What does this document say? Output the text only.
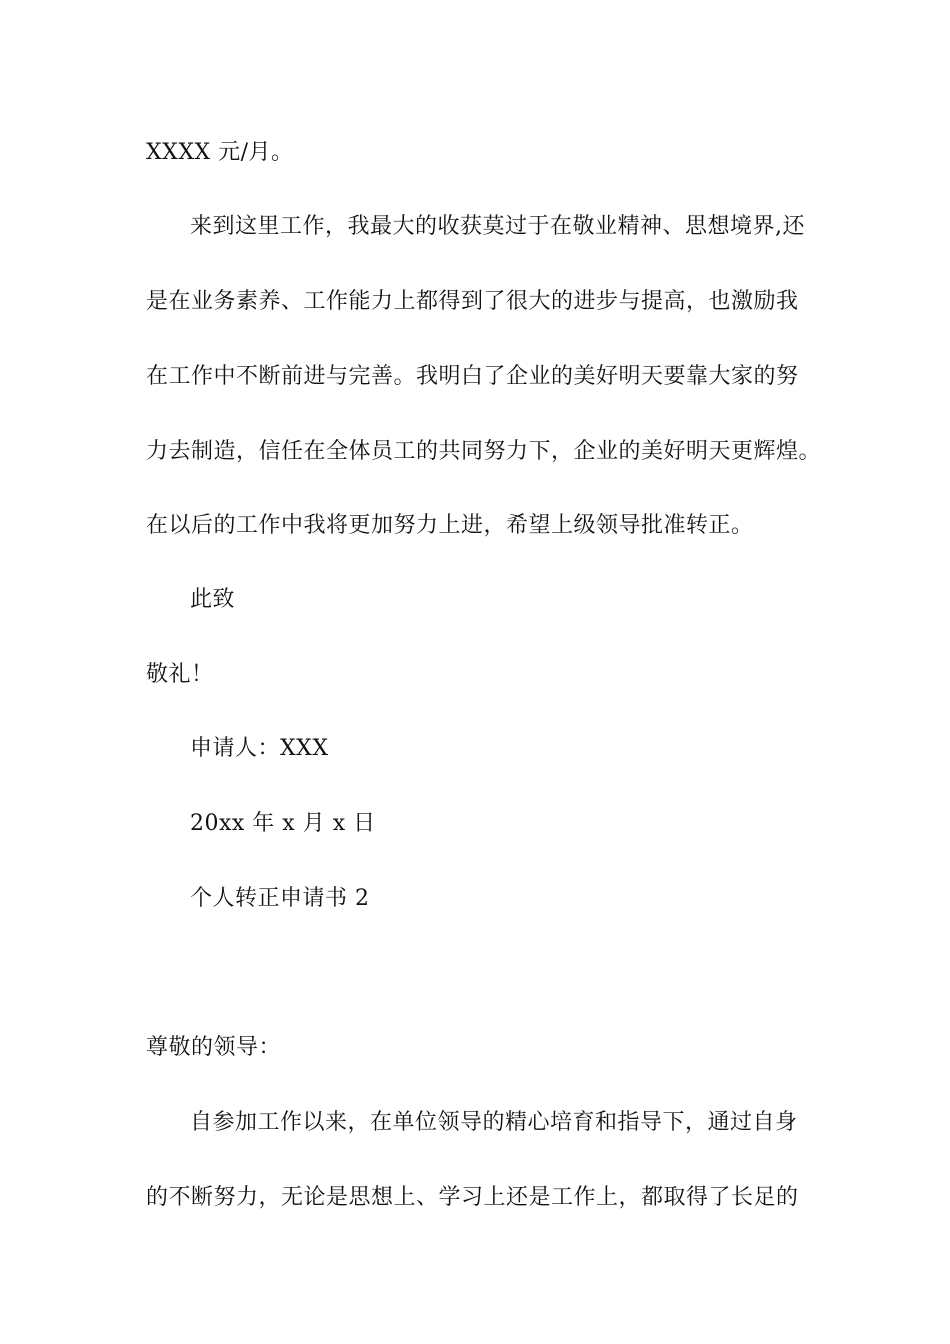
XXXX 元/月。
来到这里工作，我最大的收获莫过于在敬业精神、思想境界,还
是在业务素养、工作能力上都得到了很大的进步与提高，也激励我
在工作中不断前进与完善。我明白了企业的美好明天要靠大家的努
力去制造，信任在全体员工的共同努力下，企业的美好明天更辉煌。
在以后的工作中我将更加努力上进，希望上级领导批准转正。
此致
敬礼！
申请人：XXX
20xx 年 x 月 x 日
个人转正申请书 2
尊敬的领导：
自参加工作以来，在单位领导的精心培育和指导下，通过自身
的不断努力，无论是思想上、学习上还是工作上，都取得了长足的
